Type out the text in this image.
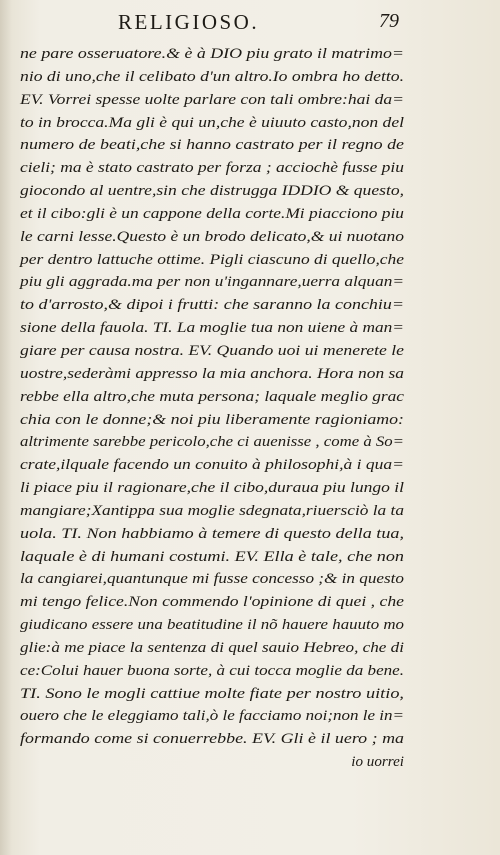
RELIGIOSO.	79
ne pare osseruatore.& è à DIO piu grato il matrimo=
nio di uno,che il celibato d'un altro.Io ombra ho detto.
EV. Vorrei spesse uolte parlare con tali ombre:hai da=
to in brocca.Ma gli è qui un,che è uiuuto casto,non del
numero de beati,che si hanno castrato per il regno de
cieli; ma è stato castrato per forza ; acciochè fusse piu
giocondo al uentre,sin che distrugga IDDIO & questo,
et il cibo:gli è un cappone della corte.Mi piacciono piu
le carni lesse.Questo è un brodo delicato,& ui nuotano
per dentro lattuche ottime. Pigli ciascuno di quello,che
piu gli aggrada.ma per non u'ingannare,uerra alquan=
to d'arrosto,& dipoi i frutti: che saranno la conchiu=
sione della fauola. TI. La moglie tua non uiene à man=
giare per causa nostra. EV. Quando uoi ui menerete le
uostre,sederàmi appresso la mia anchora. Hora non sa
rebbe ella altro,che muta persona; laquale meglio grac
chia con le donne;& noi piu liberamente ragioniamo:
altrimente sarebbe pericolo,che ci auenisse , come à So=
crate,ilquale facendo un conuito à philosophi,à i qua=
li piace piu il ragionare,che il cibo,duraua piu lungo il
mangiare;Xantippa sua moglie sdegnata,riuersciò la ta
uola. TI. Non habbiamo à temere di questo della tua,
laquale è di humani costumi. EV. Ella è tale, che non
la cangiarei,quantunque mi fusse concesso ;& in questo
mi tengo felice.Non commendo l'opinione di quei , che
giudicano essere una beatitudine il nõ hauere hauuto mo
glie:à me piace la sentenza di quel sauio Hebreo, che di
ce:Colui hauer buona sorte, à cui tocca moglie da bene.
TI. Sono le mogli cattiue molte fiate per nostro uitio,
ouero che le eleggiamo tali,ò le facciamo noi;non le in=
formando come si conuerrebbe. EV. Gli è il uero ; ma
io uorrei
